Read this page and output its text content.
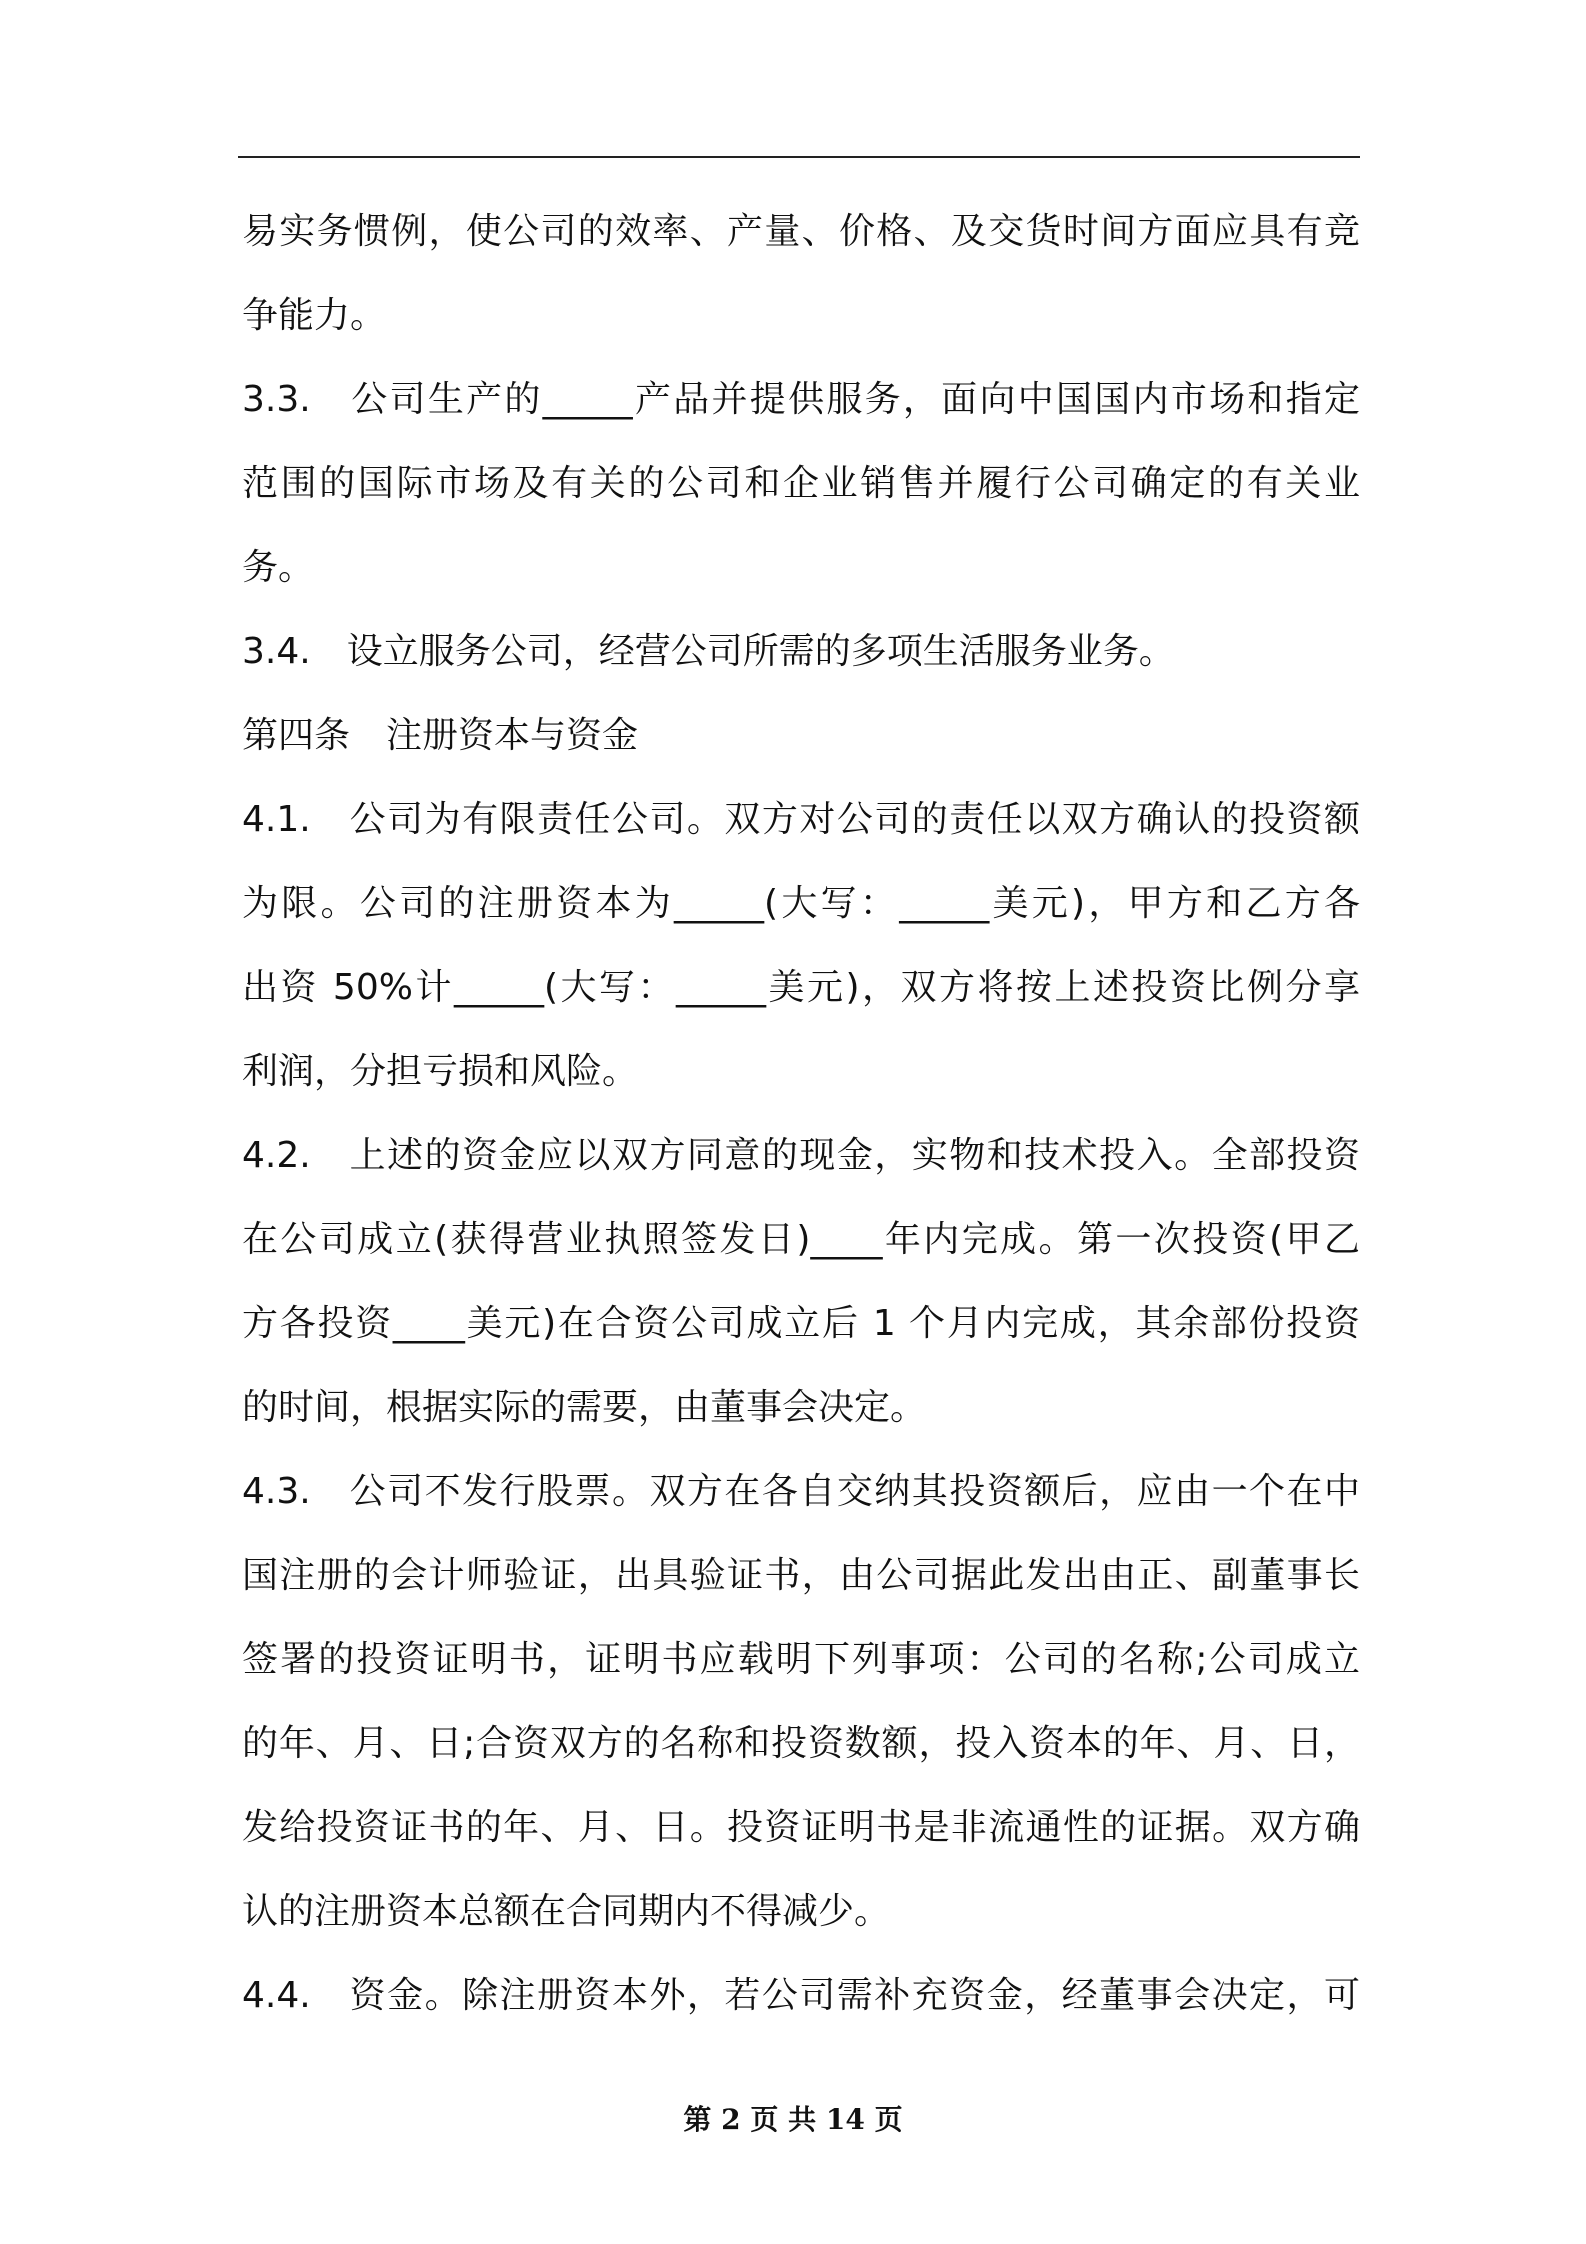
易实务惯例，使公司的效率、产量、价格、及交货时间方面应具有竞
争能力。
3.3.　公司生产的_____产品并提供服务，面向中国国内市场和指定
范围的国际市场及有关的公司和企业销售并履行公司确定的有关业
务。
3.4.　设立服务公司，经营公司所需的多项生活服务业务。
第四条　注册资本与资金
4.1.　公司为有限责任公司。双方对公司的责任以双方确认的投资额
为限。公司的注册资本为_____(大写：_____美元)，甲方和乙方各
出资 50%计_____(大写：_____美元)，双方将按上述投资比例分享
利润，分担亏损和风险。
4.2.　上述的资金应以双方同意的现金，实物和技术投入。全部投资
在公司成立(获得营业执照签发日)____年内完成。第一次投资(甲乙
方各投资____美元)在合资公司成立后 1 个月内完成，其余部份投资
的时间，根据实际的需要，由董事会决定。
4.3.　公司不发行股票。双方在各自交纳其投资额后，应由一个在中
国注册的会计师验证，出具验证书，由公司据此发出由正、副董事长
签署的投资证明书，证明书应载明下列事项：公司的名称;公司成立
的年、月、日;合资双方的名称和投资数额，投入资本的年、月、日，
发给投资证书的年、月、日。投资证明书是非流通性的证据。双方确
认的注册资本总额在合同期内不得减少。
4.4.　资金。除注册资本外，若公司需补充资金，经董事会决定，可
第 2 页 共 14 页
